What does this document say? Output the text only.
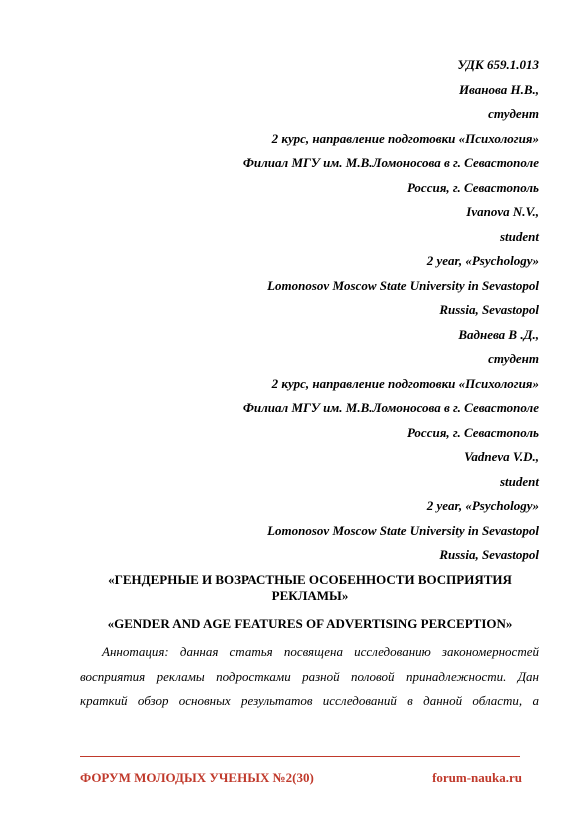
УДК 659.1.013
Иванова Н.В.,
студент
2 курс, направление подготовки «Психология»
Филиал МГУ им. М.В.Ломоносова в г. Севастополе
Россия, г. Севастополь
Ivanova N.V.,
student
2 year, «Psychology»
Lomonosov Moscow State University in Sevastopol
Russia, Sevastopol
Ваднева В .Д.,
студент
2 курс, направление подготовки «Психология»
Филиал МГУ им. М.В.Ломоносова в г. Севастополе
Россия, г. Севастополь
Vadneva V.D.,
student
2 year, «Psychology»
Lomonosov Moscow State University in Sevastopol
Russia, Sevastopol
«ГЕНДЕРНЫЕ И ВОЗРАСТНЫЕ ОСОБЕННОСТИ ВОСПРИЯТИЯ
РЕКЛАМЫ»
«GENDER AND AGE FEATURES OF ADVERTISING PERCEPTION»
Аннотация: данная статья посвящена исследованию закономерностей
восприятия рекламы подростками разной половой принадлежности. Дан
краткий обзор основных результатов исследований в данной области, а
ФОРУМ МОЛОДЫХ УЧЕНЫХ №2(30)	forum-nauka.ru
